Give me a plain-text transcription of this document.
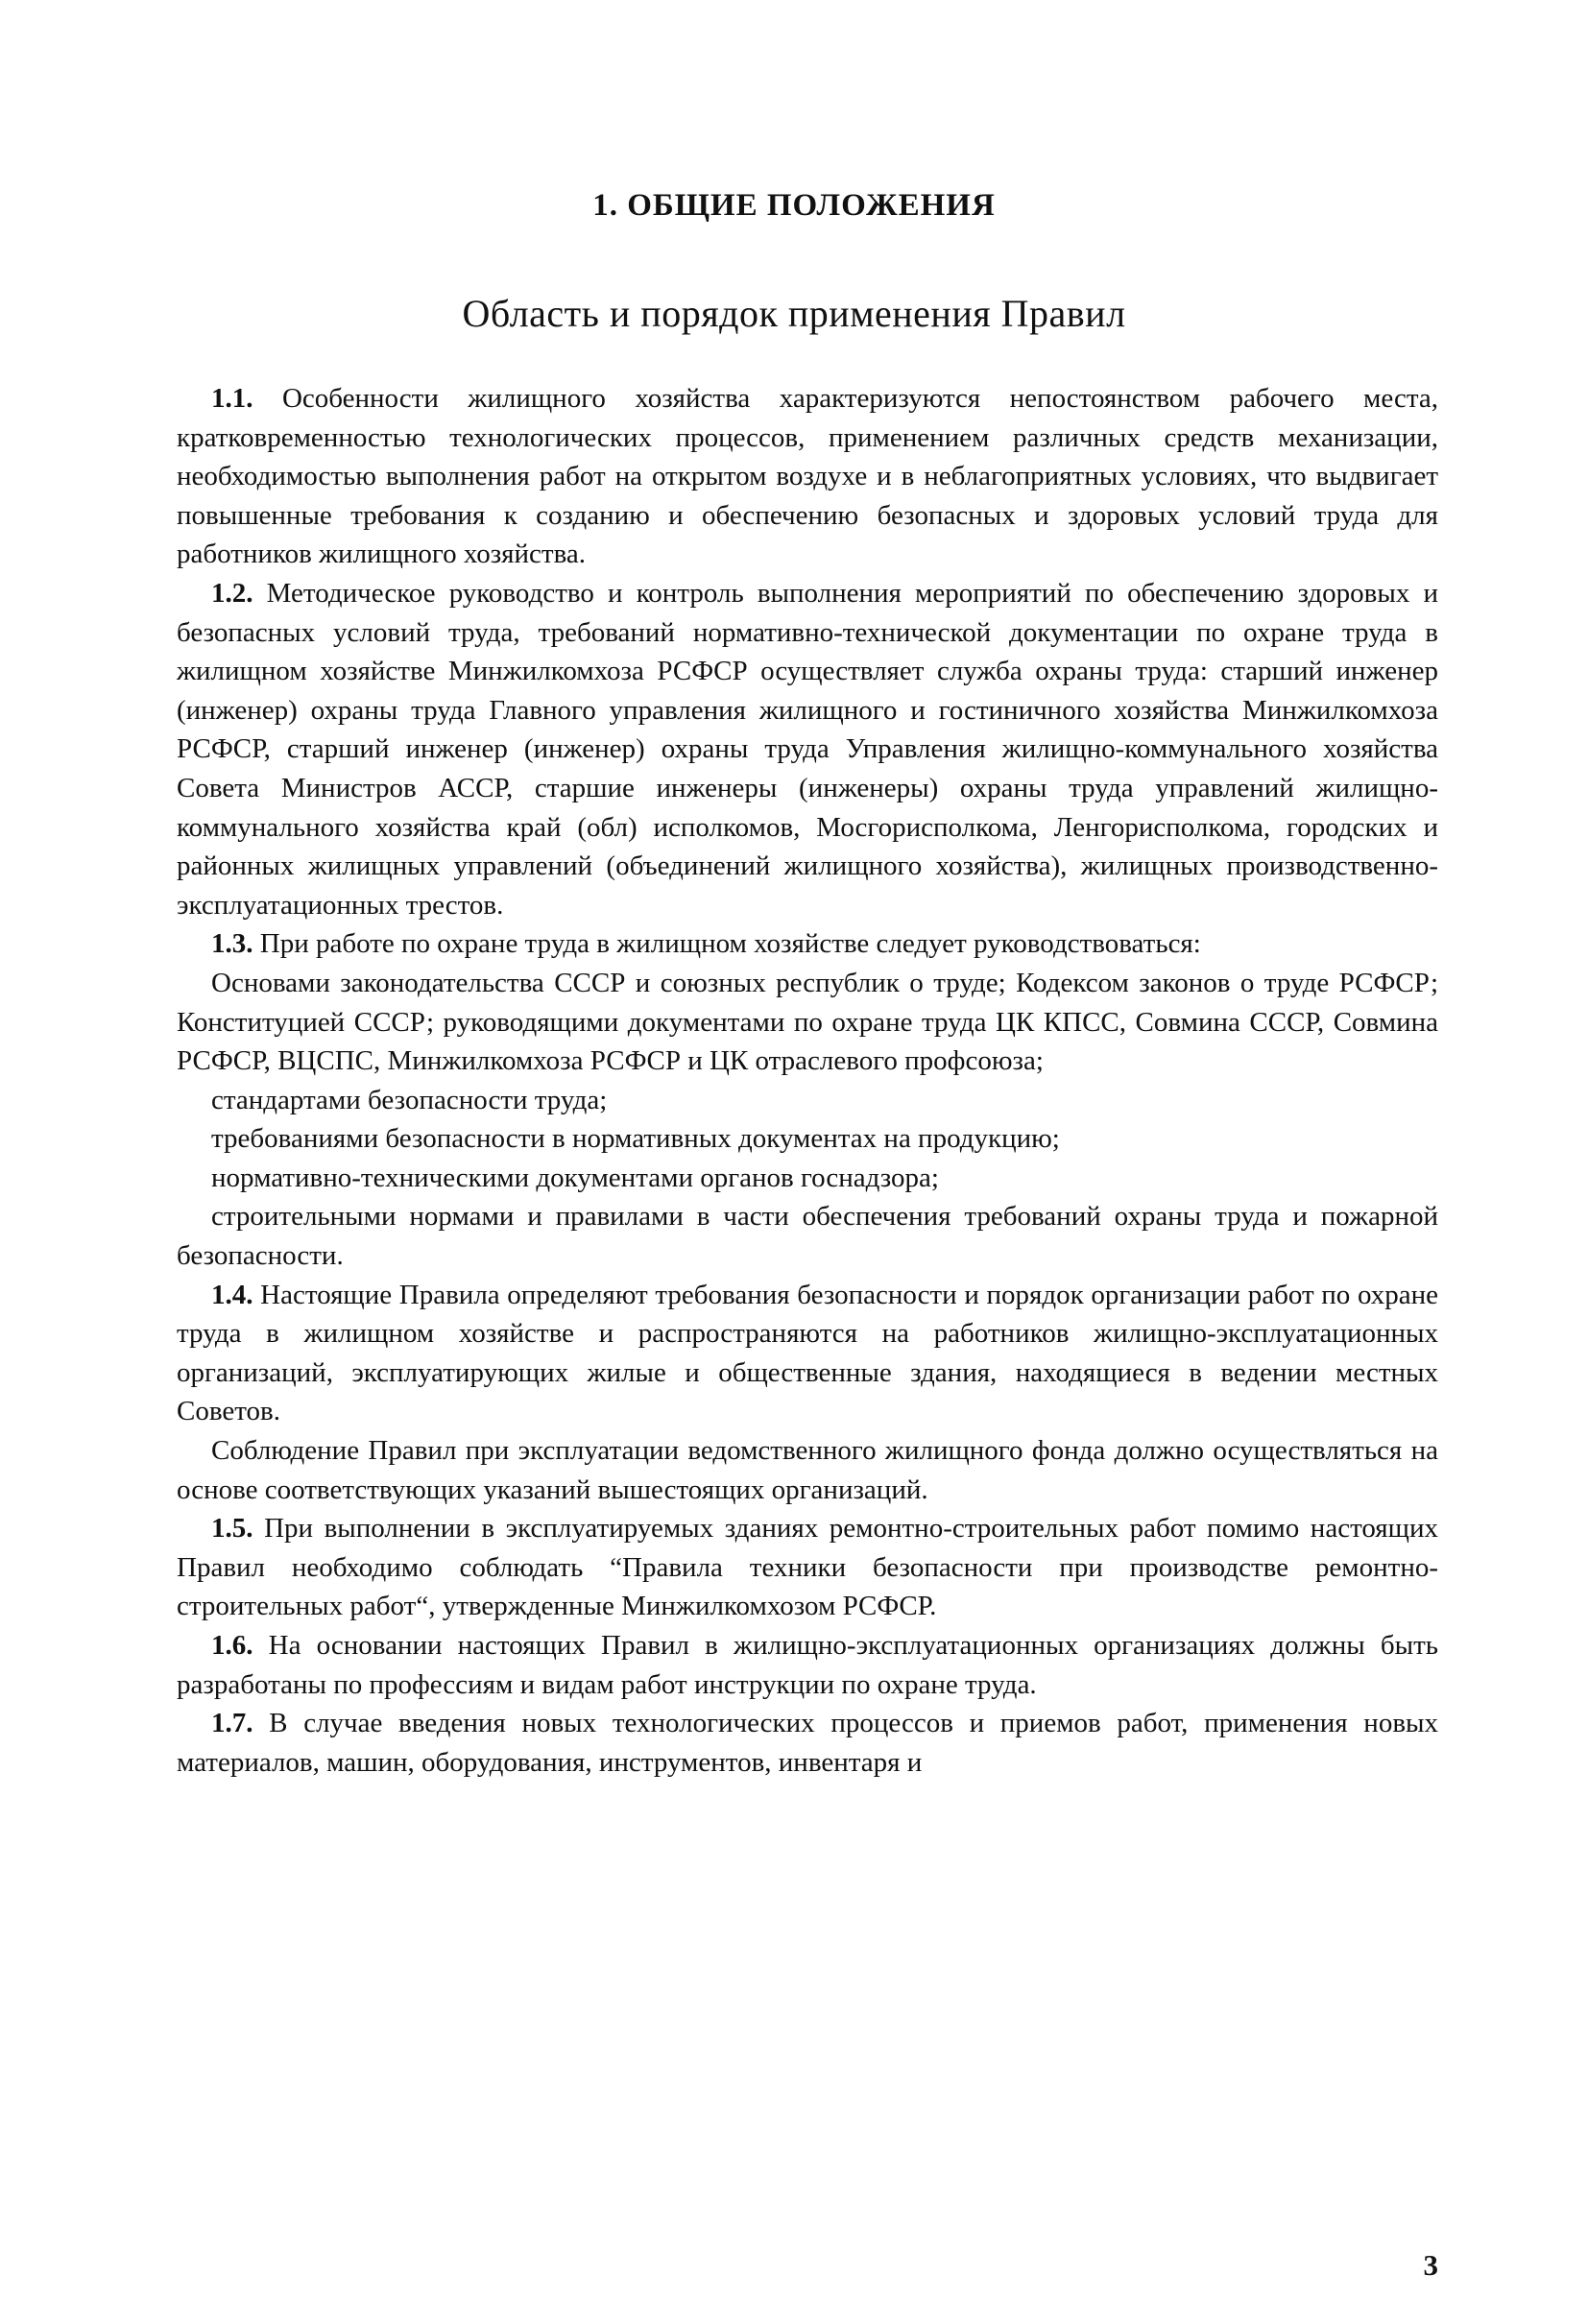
1. ОБЩИЕ ПОЛОЖЕНИЯ
Область и порядок применения Правил

1.1. Особенности жилищного хозяйства характеризуются непостоянством рабочего места, кратковременностью технологических процессов, применением различных средств механизации, необходимостью выполнения работ на открытом воздухе и в неблагоприятных условиях, что выдвигает повышенные требования к созданию и обеспечению безопасных и здоровых условий труда для работников жилищного хозяйства.

1.2. Методическое руководство и контроль выполнения мероприятий по обеспечению здоровых и безопасных условий труда, требований нормативно-технической документации по охране труда в жилищном хозяйстве Минжилкомхоза РСФСР осуществляет служба охраны труда: старший инженер (инженер) охраны труда Главного управления жилищного и гостиничного хозяйства Минжилкомхоза РСФСР, старший инженер (инженер) охраны труда Управления жилищно-коммунального хозяйства Совета Министров АССР, старшие инженеры (инженеры) охраны труда управлений жилищно-коммунального хозяйства край (обл) исполкомов, Мосгорисполкома, Ленгорисполкома, городских и районных жилищных управлений (объединений жилищного хозяйства), жилищных производственно-эксплуатационных трестов.

1.3. При работе по охране труда в жилищном хозяйстве следует руководствоваться:

Основами законодательства СССР и союзных республик о труде; Кодексом законов о труде РСФСР; Конституцией СССР; руководящими документами по охране труда ЦК КПСС, Совмина СССР, Совмина РСФСР, ВЦСПС, Минжилкомхоза РСФСР и ЦК отраслевого профсоюза;

стандартами безопасности труда;

требованиями безопасности в нормативных документах на продукцию;

нормативно-техническими документами органов госнадзора;

строительными нормами и правилами в части обеспечения требований охраны труда и пожарной безопасности.

1.4. Настоящие Правила определяют требования безопасности и порядок организации работ по охране труда в жилищном хозяйстве и распространяются на работников жилищно-эксплуатационных организаций, эксплуатирующих жилые и общественные здания, находящиеся в ведении местных Советов.

Соблюдение Правил при эксплуатации ведомственного жилищного фонда должно осуществляться на основе соответствующих указаний вышестоящих организаций.

1.5. При выполнении в эксплуатируемых зданиях ремонтно-строительных работ помимо настоящих Правил необходимо соблюдать “Правила техники безопасности при производстве ремонтно-строительных работ“, утвержденные Минжилкомхозом РСФСР.

1.6. На основании настоящих Правил в жилищно-эксплуатационных организациях должны быть разработаны по профессиям и видам работ инструкции по охране труда.

1.7. В случае введения новых технологических процессов и приемов работ, применения новых материалов, машин, оборудования, инструментов, инвентаря и

3
